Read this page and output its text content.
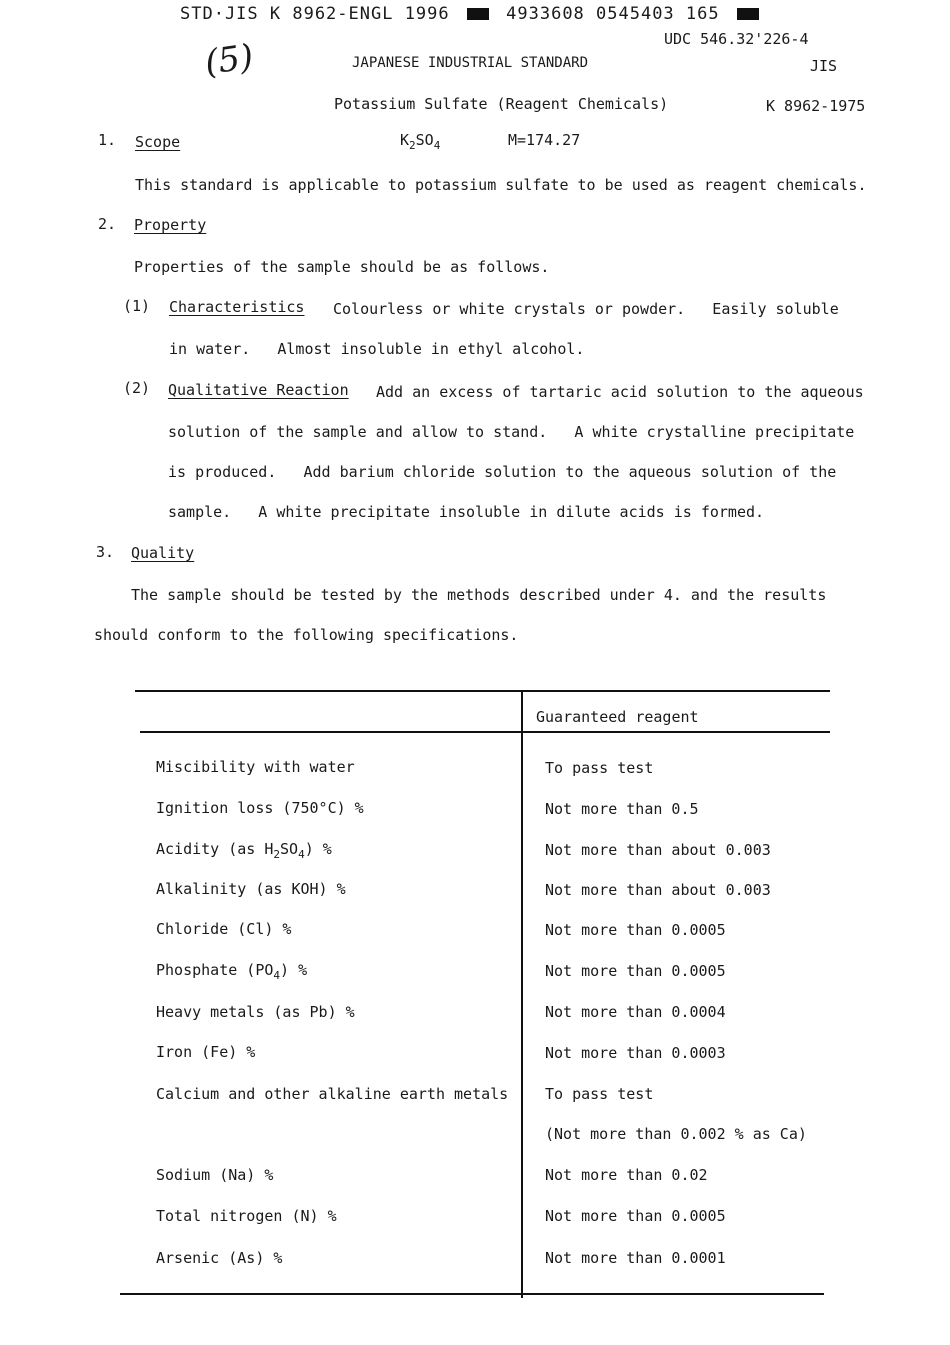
STD·JIS K 8962-ENGL 1996	4933608 0545403 165
UDC 546.32'226-4
(5)	JAPANESE INDUSTRIAL STANDARD	JIS
Potassium Sulfate (Reagent Chemicals)	K 8962-1975
1. Scope	$K_2SO_4$	M=174.27
This standard is applicable to potassium sulfate to be used as reagent chemicals.
2. Property
Properties of the sample should be as follows.
(1) Characteristics Colourless or white crystals or powder.   Easily soluble
in water.   Almost insoluble in ethyl alcohol.
(2) Qualitative Reaction Add an excess of tartaric acid solution to the aqueous
solution of the sample and allow to stand.   A white crystalline precipitate
is produced.   Add barium chloride solution to the aqueous solution of the
sample.   A white precipitate insoluble in dilute acids is formed.
3. Quality
The sample should be tested by the methods described under 4. and the results
should conform to the following specifications.
Guaranteed reagent
Miscibility with water	To pass test
Ignition loss (750°C) %	Not more than 0.5
Acidity (as $H_2SO_4$) %	Not more than about 0.003
Alkalinity (as KOH) %	Not more than about 0.003
Chloride (Cl) %	Not more than 0.0005
Phosphate $(PO_4)$ %	Not more than 0.0005
Heavy metals (as Pb) %	Not more than 0.0004
Iron (Fe) %	Not more than 0.0003
Calcium and other alkaline earth metals To pass test
(Not more than 0.002 % as Ca)
Sodium (Na) %	Not more than 0.02
Total nitrogen (N) %	Not more than 0.0005
Arsenic (As) %	Not more than 0.0001
